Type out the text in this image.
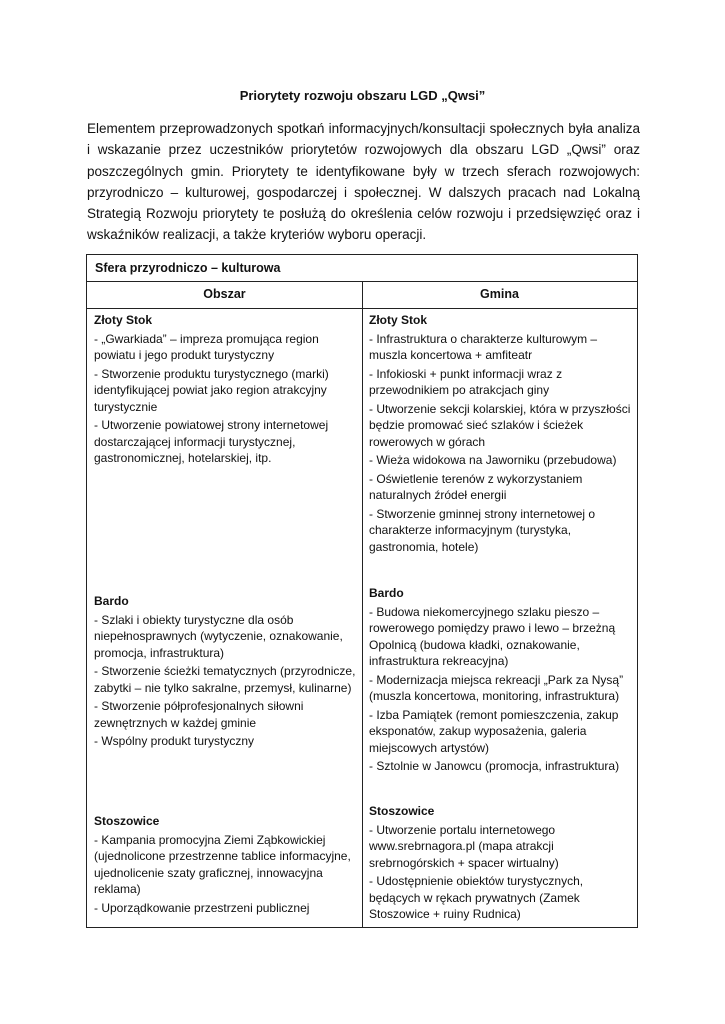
Priorytety rozwoju obszaru LGD „Qwsi”

Elementem przeprowadzonych spotkań informacyjnych/konsultacji społecznych była analiza i wskazanie przez uczestników priorytetów rozwojowych dla obszaru LGD „Qwsi” oraz poszczególnych gmin. Priorytety te identyfikowane były w trzech sferach rozwojowych: przyrodniczo – kulturowej, gospodarczej i społecznej. W dalszych pracach nad Lokalną Strategią Rozwoju priorytety te posłużą do określenia celów rozwoju i przedsięwzięć oraz i wskaźników realizacji, a także kryteriów wyboru operacji.

Sfera przyrodniczo – kulturowa
Obszar	Gmina
Złoty Stok
- „Gwarkiada” – impreza promująca region powiatu i jego produkt turystyczny
- Stworzenie produktu turystycznego (marki) identyfikującej powiat jako region atrakcyjny turystycznie
- Utworzenie powiatowej strony internetowej dostarczającej informacji turystycznej, gastronomicznej, hotelarskiej, itp.
Bardo
- Szlaki i obiekty turystyczne dla osób niepełnosprawnych (wytyczenie, oznakowanie, promocja, infrastruktura)
- Stworzenie ścieżki tematycznych (przyrodnicze, zabytki – nie tylko sakralne, przemysł, kulinarne)
- Stworzenie półprofesjonalnych siłowni zewnętrznych w każdej gminie
- Wspólny produkt turystyczny
Stoszowice
- Kampania promocyjna Ziemi Ząbkowickiej (ujednolicone przestrzenne tablice informacyjne, ujednolicenie szaty graficznej, innowacyjna reklama)
- Uporządkowanie przestrzeni publicznej
Złoty Stok
- Infrastruktura o charakterze kulturowym – muszla koncertowa + amfiteatr
- Infokioski + punkt informacji wraz z przewodnikiem po atrakcjach giny
- Utworzenie sekcji kolarskiej, która w przyszłości będzie promować sieć szlaków i ścieżek rowerowych w górach
- Wieża widokowa na Jaworniku (przebudowa)
- Oświetlenie terenów z wykorzystaniem naturalnych źródeł energii
- Stworzenie gminnej strony internetowej o charakterze informacyjnym (turystyka, gastronomia, hotele)
Bardo
- Budowa niekomercyjnego szlaku pieszo – rowerowego pomiędzy prawo i lewo – brzeżną Opolnicą (budowa kładki, oznakowanie, infrastruktura rekreacyjna)
- Modernizacja miejsca rekreacji „Park za Nysą” (muszla koncertowa, monitoring, infrastruktura)
- Izba Pamiątek (remont pomieszczenia, zakup eksponatów, zakup wyposażenia, galeria miejscowych artystów)
- Sztolnie w Janowcu (promocja, infrastruktura)
Stoszowice
- Utworzenie portalu internetowego www.srebrnagora.pl (mapa atrakcji srebrnogórskich + spacer wirtualny)
- Udostępnienie obiektów turystycznych, będących w rękach prywatnych (Zamek Stoszowice + ruiny Rudnica)
